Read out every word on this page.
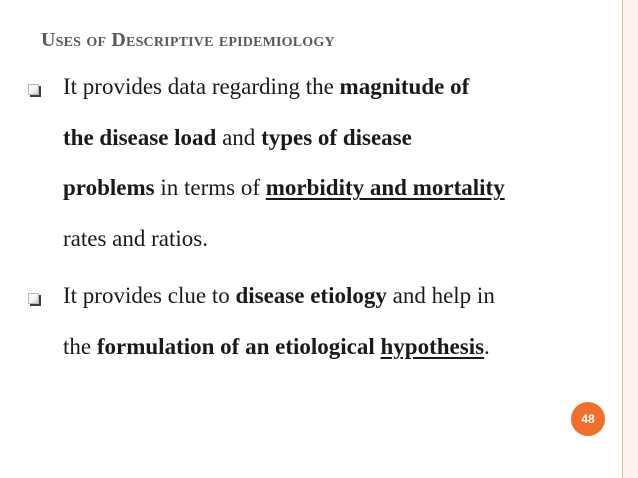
Uses of Descriptive epidemiology
It provides data regarding the magnitude of
the disease load and types of disease
problems in terms of morbidity and mortality
rates and ratios.
It provides clue to disease etiology and help in
the formulation of an etiological hypothesis.
48
